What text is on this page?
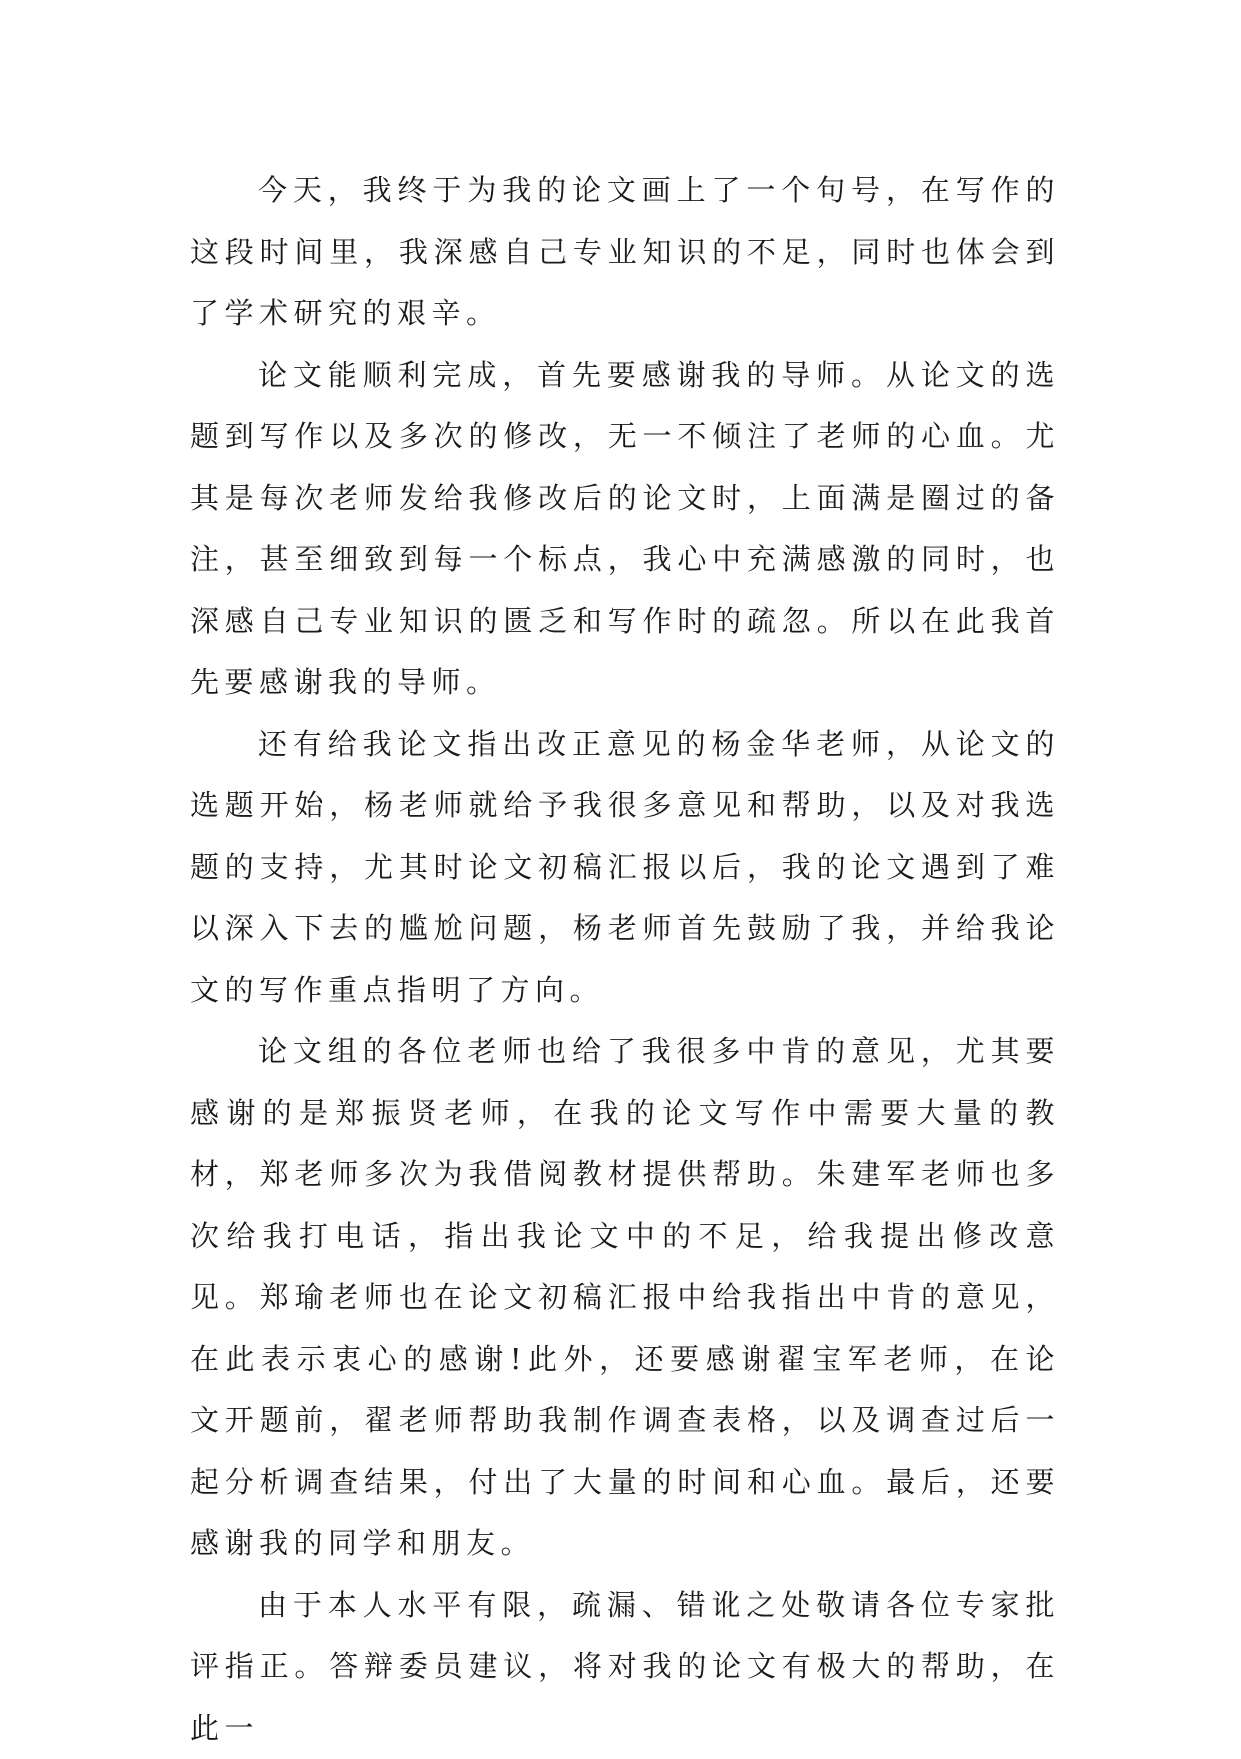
今天，我终于为我的论文画上了一个句号，在写作的这段时间里，我深感自己专业知识的不足，同时也体会到了学术研究的艰辛。

论文能顺利完成，首先要感谢我的导师。从论文的选题到写作以及多次的修改，无一不倾注了老师的心血。尤其是每次老师发给我修改后的论文时，上面满是圈过的备注，甚至细致到每一个标点，我心中充满感激的同时，也深感自己专业知识的匮乏和写作时的疏忽。所以在此我首先要感谢我的导师。

还有给我论文指出改正意见的杨金华老师，从论文的选题开始，杨老师就给予我很多意见和帮助，以及对我选题的支持，尤其时论文初稿汇报以后，我的论文遇到了难以深入下去的尴尬问题，杨老师首先鼓励了我，并给我论文的写作重点指明了方向。

论文组的各位老师也给了我很多中肯的意见，尤其要感谢的是郑振贤老师，在我的论文写作中需要大量的教材，郑老师多次为我借阅教材提供帮助。朱建军老师也多次给我打电话，指出我论文中的不足，给我提出修改意见。郑瑜老师也在论文初稿汇报中给我指出中肯的意见，在此表示衷心的感谢!此外，还要感谢翟宝军老师，在论文开题前，翟老师帮助我制作调查表格，以及调查过后一起分析调查结果，付出了大量的时间和心血。最后，还要感谢我的同学和朋友。

由于本人水平有限，疏漏、错讹之处敬请各位专家批评指正。答辩委员建议，将对我的论文有极大的帮助，在此一
